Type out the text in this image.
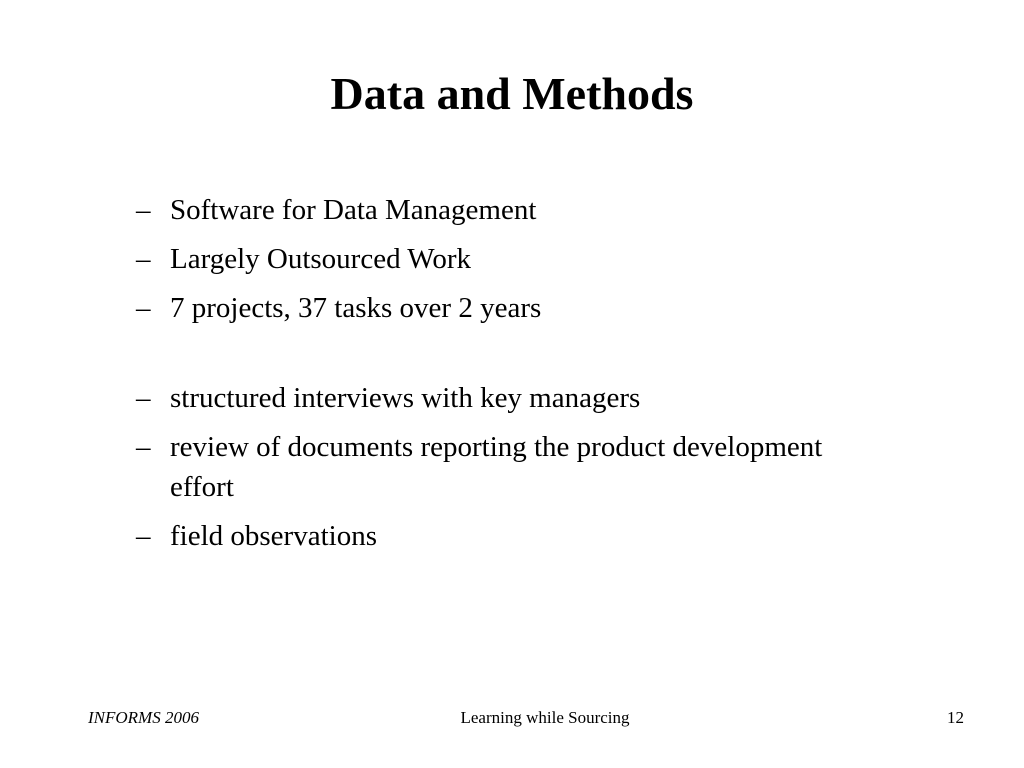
Data and Methods
– Software for Data Management
– Largely Outsourced Work
– 7 projects, 37 tasks over 2 years
– structured interviews with key managers
– review of documents reporting the product development effort
– field observations
INFORMS 2006	Learning while Sourcing	12
